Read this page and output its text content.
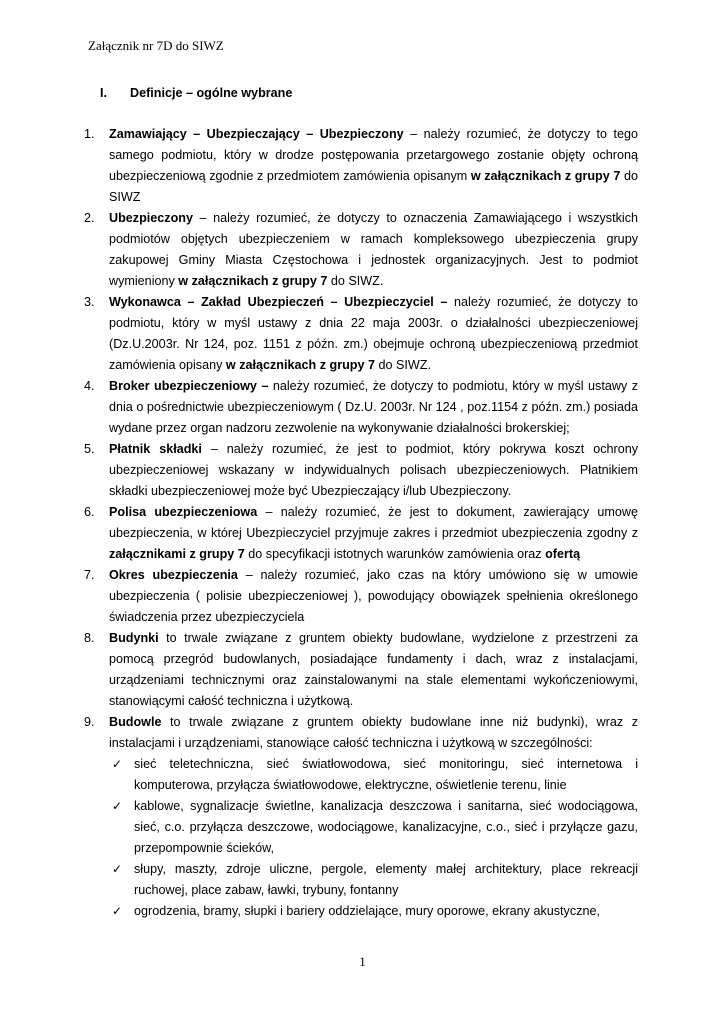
Załącznik nr 7D do SIWZ
I. Definicje – ogólne wybrane
1. Zamawiający – Ubezpieczający – Ubezpieczony – należy rozumieć, że dotyczy to tego samego podmiotu, który w drodze postępowania przetargowego zostanie objęty ochroną ubezpieczeniową zgodnie z przedmiotem zamówienia opisanym w załącznikach z grupy 7 do SIWZ
2. Ubezpieczony – należy rozumieć, że dotyczy to oznaczenia Zamawiającego i wszystkich podmiotów objętych ubezpieczeniem w ramach kompleksowego ubezpieczenia grupy zakupowej Gminy Miasta Częstochowa i jednostek organizacyjnych. Jest to podmiot wymieniony w załącznikach z grupy 7 do SIWZ.
3. Wykonawca – Zakład Ubezpieczeń – Ubezpieczyciel – należy rozumieć, że dotyczy to podmiotu, który w myśl ustawy z dnia 22 maja 2003r. o działalności ubezpieczeniowej (Dz.U.2003r. Nr 124, poz. 1151 z późn. zm.) obejmuje ochroną ubezpieczeniową przedmiot zamówienia opisany w załącznikach z grupy 7 do SIWZ.
4. Broker ubezpieczeniowy – należy rozumieć, że dotyczy to podmiotu, który w myśl ustawy z dnia o pośrednictwie ubezpieczeniowym ( Dz.U. 2003r. Nr 124 , poz.1154 z późn. zm.) posiada wydane przez organ nadzoru zezwolenie na wykonywanie działalności brokerskiej;
5. Płatnik składki – należy rozumieć, że jest to podmiot, który pokrywa koszt ochrony ubezpieczeniowej wskazany w indywidualnych polisach ubezpieczeniowych. Płatnikiem składki ubezpieczeniowej może być Ubezpieczający i/lub Ubezpieczony.
6. Polisa ubezpieczeniowa – należy rozumieć, że jest to dokument, zawierający umowę ubezpieczenia, w której Ubezpieczyciel przyjmuje zakres i przedmiot ubezpieczenia zgodny z załącznikami z grupy 7 do specyfikacji istotnych warunków zamówienia oraz ofertą
7. Okres ubezpieczenia – należy rozumieć, jako czas na który umówiono się w umowie ubezpieczenia ( polisie ubezpieczeniowej ), powodujący obowiązek spełnienia określonego świadczenia przez ubezpieczyciela
8. Budynki to trwale związane z gruntem obiekty budowlane, wydzielone z przestrzeni za pomocą przegród budowlanych, posiadające fundamenty i dach, wraz z instalacjami, urządzeniami technicznymi oraz zainstalowanymi na stale elementami wykończeniowymi, stanowiącymi całość techniczna i użytkową.
9. Budowle to trwale związane z gruntem obiekty budowlane inne niż budynki), wraz z instalacjami i urządzeniami, stanowiące całość techniczna i użytkową w szczególności:
✓ sieć teletechniczna, sieć światłowodowa, sieć monitoringu, sieć internetowa i komputerowa, przyłącza światłowodowe, elektryczne, oświetlenie terenu, linie
✓ kablowe, sygnalizacje świetlne, kanalizacja deszczowa i sanitarna, sieć wodociągowa, sieć, c.o. przyłącza deszczowe, wodociągowe, kanalizacyjne, c.o., sieć i przyłącze gazu, przepompownie ścieków,
✓ słupy, maszty, zdroje uliczne, pergole, elementy małej architektury, place rekreacji ruchowej, place zabaw, ławki, trybuny, fontanny
✓ ogrodzenia, bramy, słupki i bariery oddzielające, mury oporowe, ekrany akustyczne,
1
